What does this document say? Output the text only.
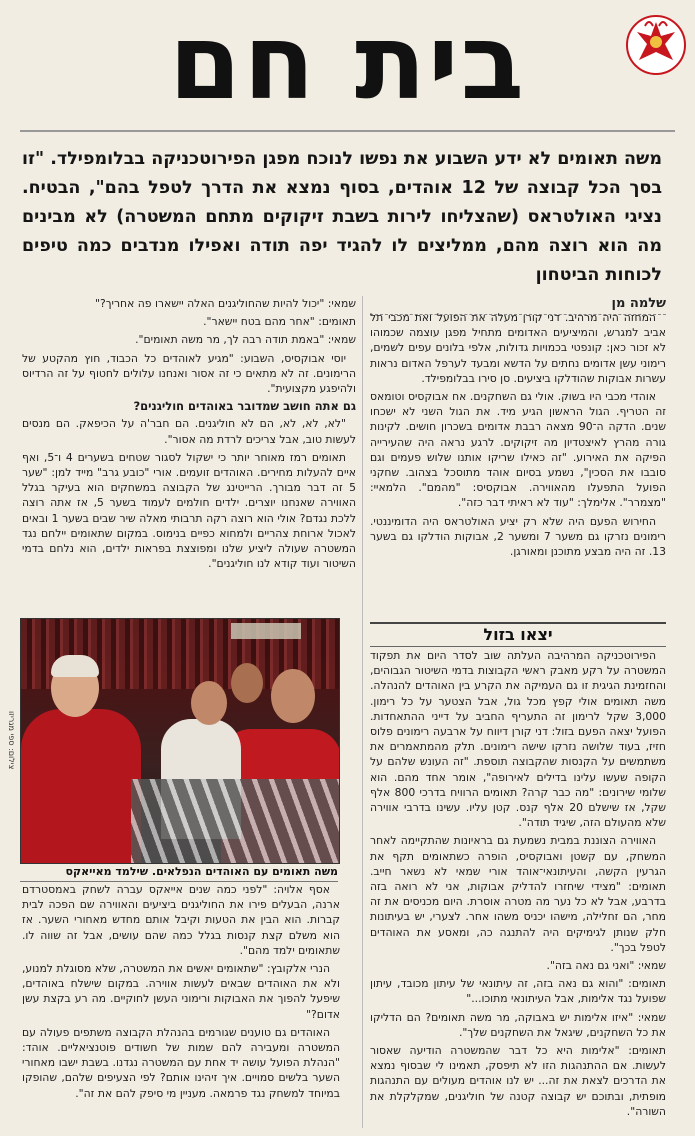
בית חם
משה תאומים לא ידע השבוע את נפשו לנוכח מפגן הפירוטכניקה בבלומפילד. "זו בסך הכל קבוצה של 12 אוהדים, בסוף נמצא את הדרך לטפל בהם", הבטיח. נציגי האולטראס (שהצליחו לירות בשבת זיקוקים מתחם המשטרה) לא מבינים מה הוא רוצה מהם, ממליצים לו להגיד יפה תודה ואפילו מנדבים כמה טיפים לכוחות הביטחון
שלמה מן

המחזה היה מרהיב. דני קורן מעלה את הפועל ואת מכבי תל אביב למגרש, והמיציעים האדומים מתחיל מפגן עוצמה שכמוהו לא זכור כאן: קונפטי בכמויות גדולות, אלפי בלונים עפים לשמים, רימוני עשן אדומים נחתים על הדשא ומבעד לערפל האדום נראות עשרות אבוקות שהודלקו ביציעים. סן סירו בבלומפילד.

אוהדי מכבי היו בשוק. אולי גם השחקנים. אח אבוקסיס וטומאס זה הטריף. הגול הראשון הגיע מיד. את הגול השני לא ישכחו שנים. הדקה ה־90 מצאה רבבת אדומים בשכרון חושים. לקינות גורה מהרץ לאיצטדיון מה זיקוקים. לרגע נראה היה שהעירייה הפיקה את האירוע. "זה כאילו שריקו אותנו שלוש פעמים וגם סובבו את הסכין", נשמע בסיום אוהד מתוסכל בצהוב. שחקני הפועל התפעלו מהאווירה. אבוקסיס: "מהמם". הלמאיי: "מצמרר". אלימלך: "עוד לא ראיתי דבר כזה".

החירוש הפעם היה שלא רק יציע האולטראס היה הדומיננטי. רימונים נזרקו גם משער 7 ומשער 2, אבוקות הודלקו גם בשער 13. זה היה מבצע מתוכנן ומאורגן.

שמאי: "יכול להיות שהחוליגנים האלה יישארו פה אחריך?"

תאומים: "אחר מהם בטח יישאר".

שמאי: "באמת תודה רבה לך, מר משה תאומים".

יוסי אבוקסיס, השבוע: "מגיע לאוהדים כל הכבוד, חוץ מהקטע של הרימונים. זה לא מתאים כי זה אסור ואנחנו עלולים לחטוף על זה הרדיוס ולהיפגע מקצועית".

גם אתה חושב שמדובר באוהדים חוליגנים?

"לא, לא, לא, הם לא חוליגנים. הם חבר'ה על הכיפאק. הם מנסים לעשות טוב, אבל צריכים לרדת מה אסור".

תאומים רמז מאוחר יותר כי ישקול לסגור שטחים בשערים 4 ו־5, ואף איים להעלות מחירים. האוהדים זועמים. אורי "כובע גרב" מייד למן: "שער 5 זה דבר מבורך. הרייטינג של הקבוצה במשחקים הוא בעיקר בגלל האווירה שאנחנו יוצרים. ילדים חולמים לעמוד בשער 5, אז אתה רוצה ללכת נגדם? אולי הוא רוצה רקה תרבותי מאלה שיר שבים בשער 1 ובאים לאכול ארוחת צהריים ולמחוא כפיים בנימוס. במקום שתאומים יילחם נגד המשטרה שעולה ליציע שלנו ומפוצצת בפראות ילדים, הוא נלחם בדמי השיטור ועוד קודא לנו חוליגנים".

יצאו בזול

הפירוטכניקה המרהיבה העלתה שוב לסדר היום את תפקוד המשטרה על רקע מאבק ראשי הקבוצות בדמי השיטור הגבוהים, והחזמינת הגיגית זו גם העמיקה את הקרע בין האוהדים להנהלה. משה תאומים אולי קפץ מכל גול, אבל הצטער על כל רימון. 3,000 שקל לרימון זה התעריף החביב על דייני ההתאחדות. הפועל יצאה הפעם בזול: דני קורן דיווח על ארבעה רימונים פלוס חזיז, בעוד שלושה נזרקו שישה רימונים. תלק מהמתאמרים את משתמשים על הקנסות שהקבוצה תוספת. "זה העונש שלהם על הקופה שעשו עלינו בדילים לאירופה", אומר אחד מהם. הוא שלומי שירונים: "מה כבר קרה? תאומים הרוויח בדרכי 800 אלף שקל, אז שישלם 20 אלף קנס. קטן עליו. עשינו בדרבי אווירה שלא מהעולם הזה, שיגיד תודה".

האווירה הצוננת במבית נשמעת גם בראיונות שהתקיימה לאחר המשחק, עם קשטן ואבוקסיס, הופרה כשתאומים תקף את הגרעין הקשה, והעיתונאי־אוהד אורי שמאי לא נשאר חייב. תאומים: "מצידי שיחזרו להדליק אבוקות, אני לא רואה בזה בדרבע, אבל לא כל נער מה מטרה אוסרת. היום מכניסים את זה מחר, הם זחלילה, מישהו יכניס משהו אחר. לצערי, יש בעיתונות חלק שנותן לגימיקים היה להתנגה כה, ומאסע את האוהדים לטפל בכך".

שמאי: "ואני גם נאה בזה".

תאומים: "והוא גם נאה בזה, זה עיתונאי של עיתון מכובד, עיתון שפועל נגד אלימות, אבל העיתונאי מתוכו..."

שמאי: "איזו אלימות יש באבוקה, מר משה תאומים? הם הדליקו את כל השחקנים, שיגאל את השחקנים שלך".

תאומים: "אלימות היא כל דבר שהמשטרה הודיעה שאסור לעשות. אם ההתנהגות הזו לא תיפסק, תאמינו לי שבסוף נמצא את הדרכים לצאת את זה... יש לנו אוהדים מעולים עם התנהגות מופתית, ובתוכם יש קבוצה קטנה של חוליגנים, שמקלקלת את השורה".

צילום: ספי מגריזו
משה תאומים עם האוהדים הנפלאים. שילמד מאייאקס

אסף אלויה: "לפני כמה שנים אייאקס עברה לשחק באמסטרדם ארנה, הבעלים פירו את החוליגנים ביציעים והאווירה שם הפכה לבית קברות. הוא הבין את הטעות וקיבל אותם מחדש מאחורי השער. אז הוא משלם קצת קנסות בגלל כמה שהם עושים, אבל זה שווה לו. שתאומים ילמד מהם".

הנרי אלקובץ: "שתאומים יאשים את המשטרה, שלא מסוגלת למנוע, ולא את האוהדים שבאים לעשות אווירה. במקום שישלח באוהדים, שיפעל להפוך את האבוקות ורימוני העשן לחוקיים. מה רע בקצת עשן אדום?"

האוהדים גם טוענים שגורמים בהנהלת הקבוצה משתפים פעולה עם המשטרה ומעבירה להם שמות של חשודים פוטנציאליים. אוהד: "הנהלת הפועל עושה יד אחת עם המשטרה נגדנו. בשבת ישבו מאחורי השער בלשים סמויים. איך זיהינו אותם? לפי הצעיפים שלהם, שהופקו במיוחד למשחק נגד פרמאה. מעניין מי סיפק להם את זה".
